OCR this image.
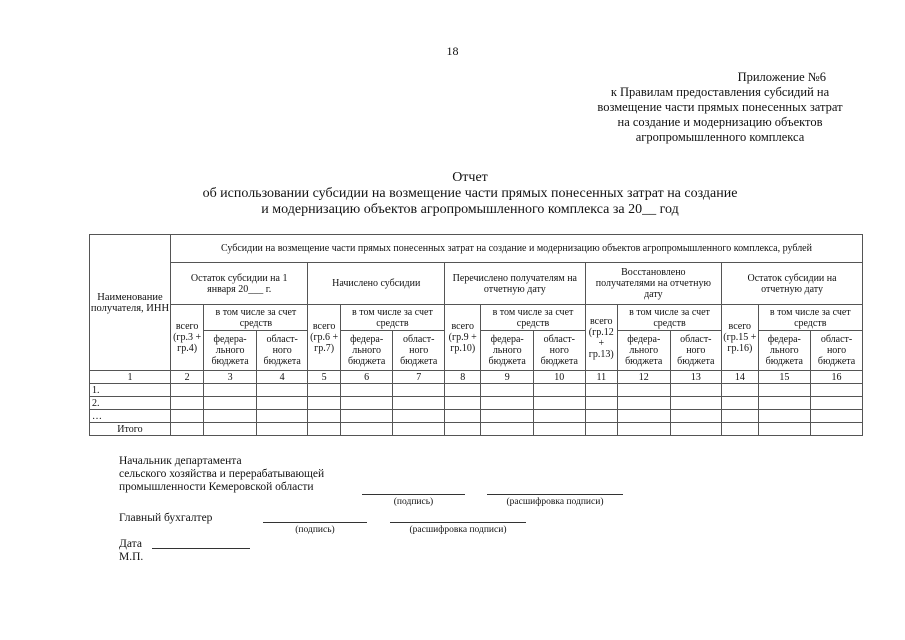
18
Приложение №6
к Правилам предоставления субсидий на
возмещение части прямых понесенных затрат
на создание и модернизацию объектов
агропромышленного комплекса
Отчет
об использовании субсидии на возмещение части прямых понесенных затрат на создание
и модернизацию объектов агропромышленного комплекса за 20__ год
Наименование получателя, ИНН	Субсидии на возмещение части прямых понесенных затрат на создание и модернизацию объектов агропромышленного комплекса, рублей														
	Остаток субсидии на 1 января 20___ г.			Начислено субсидии			Перечислено получателям на отчетную дату			Восстановлено получателями на отчетную дату			Остаток субсидии на отчетную дату		
	всего (гр.3 + гр.4)	в том числе за счет средств		всего (гр.6 + гр.7)	в том числе за счет средств		всего (гр.9 + гр.10)	в том числе за счет средств		всего (гр.12 + гр.13)	в том числе за счет средств		всего (гр.15 + гр.16)	в том числе за счет средств	
		федера- льного бюджета	област- ного бюджета		федера- льного бюджета	област- ного бюджета		федера- льного бюджета	област- ного бюджета		федера- льного бюджета	област- ного бюджета		федера- льного бюджета	област- ного бюджета
1	2	3	4	5	6	7	8	9	10	11	12	13	14	15	16
1.															
2.															
…															
Итого															
Начальник департамента
сельского хозяйства и перерабатывающей
промышленности Кемеровской области
(подпись)	(расшифровка подписи)
Главный бухгалтер
(подпись)	(расшифровка подписи)
Дата
М.П.
